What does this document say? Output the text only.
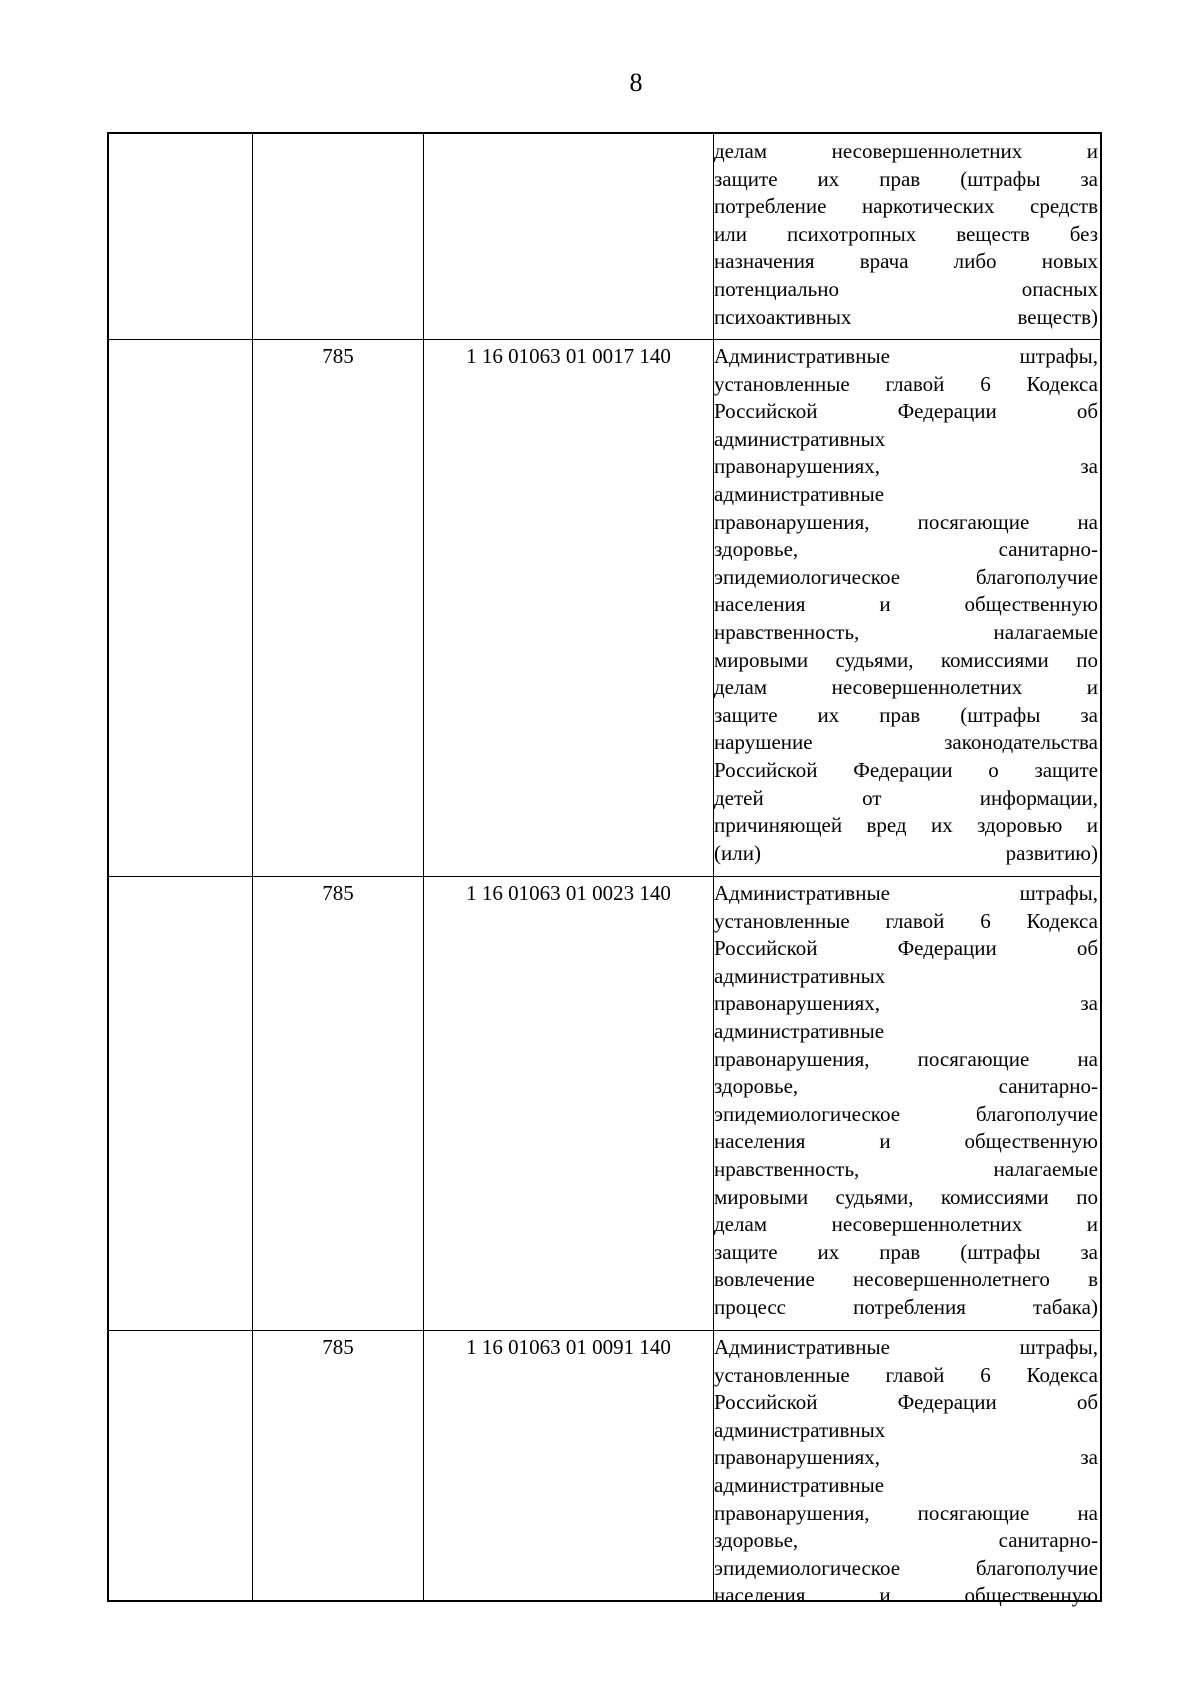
8
делам	несовершеннолетних	и
защите их прав (штрафы за
потребление наркотических средств
или психотропных веществ без
назначения врача либо новых
потенциально	опасных
психоактивных	веществ)
785	1 16 01063 01 0017 140	Административные	штрафы,
установленные главой 6 Кодекса
Российской	Федерации	об
административных
правонарушениях,	за
административные
правонарушения, посягающие на
здоровье,	санитарно-
эпидемиологическое	благополучие
населения	и	общественную
нравственность,	налагаемые
мировыми судьями, комиссиями по
делам	несовершеннолетних	и
защите их прав (штрафы за
нарушение	законодательства
Российской Федерации о защите
детей	от	информации,
причиняющей вред их здоровью и
(или)	развитию)
785	1 16 01063 01 0023 140	Административные	штрафы,
установленные главой 6 Кодекса
Российской	Федерации	об
административных
правонарушениях,	за
административные
правонарушения, посягающие на
здоровье,	санитарно-
эпидемиологическое	благополучие
населения	и	общественную
нравственность,	налагаемые
мировыми судьями, комиссиями по
делам	несовершеннолетних	и
защите их прав (штрафы за
вовлечение несовершеннолетнего в
процесс	потребления	табака)
785	1 16 01063 01 0091 140	Административные	штрафы,
установленные главой 6 Кодекса
Российской	Федерации	об
административных
правонарушениях,	за
административные
правонарушения, посягающие на
здоровье,	санитарно-
эпидемиологическое	благополучие
населения	и	общественную
